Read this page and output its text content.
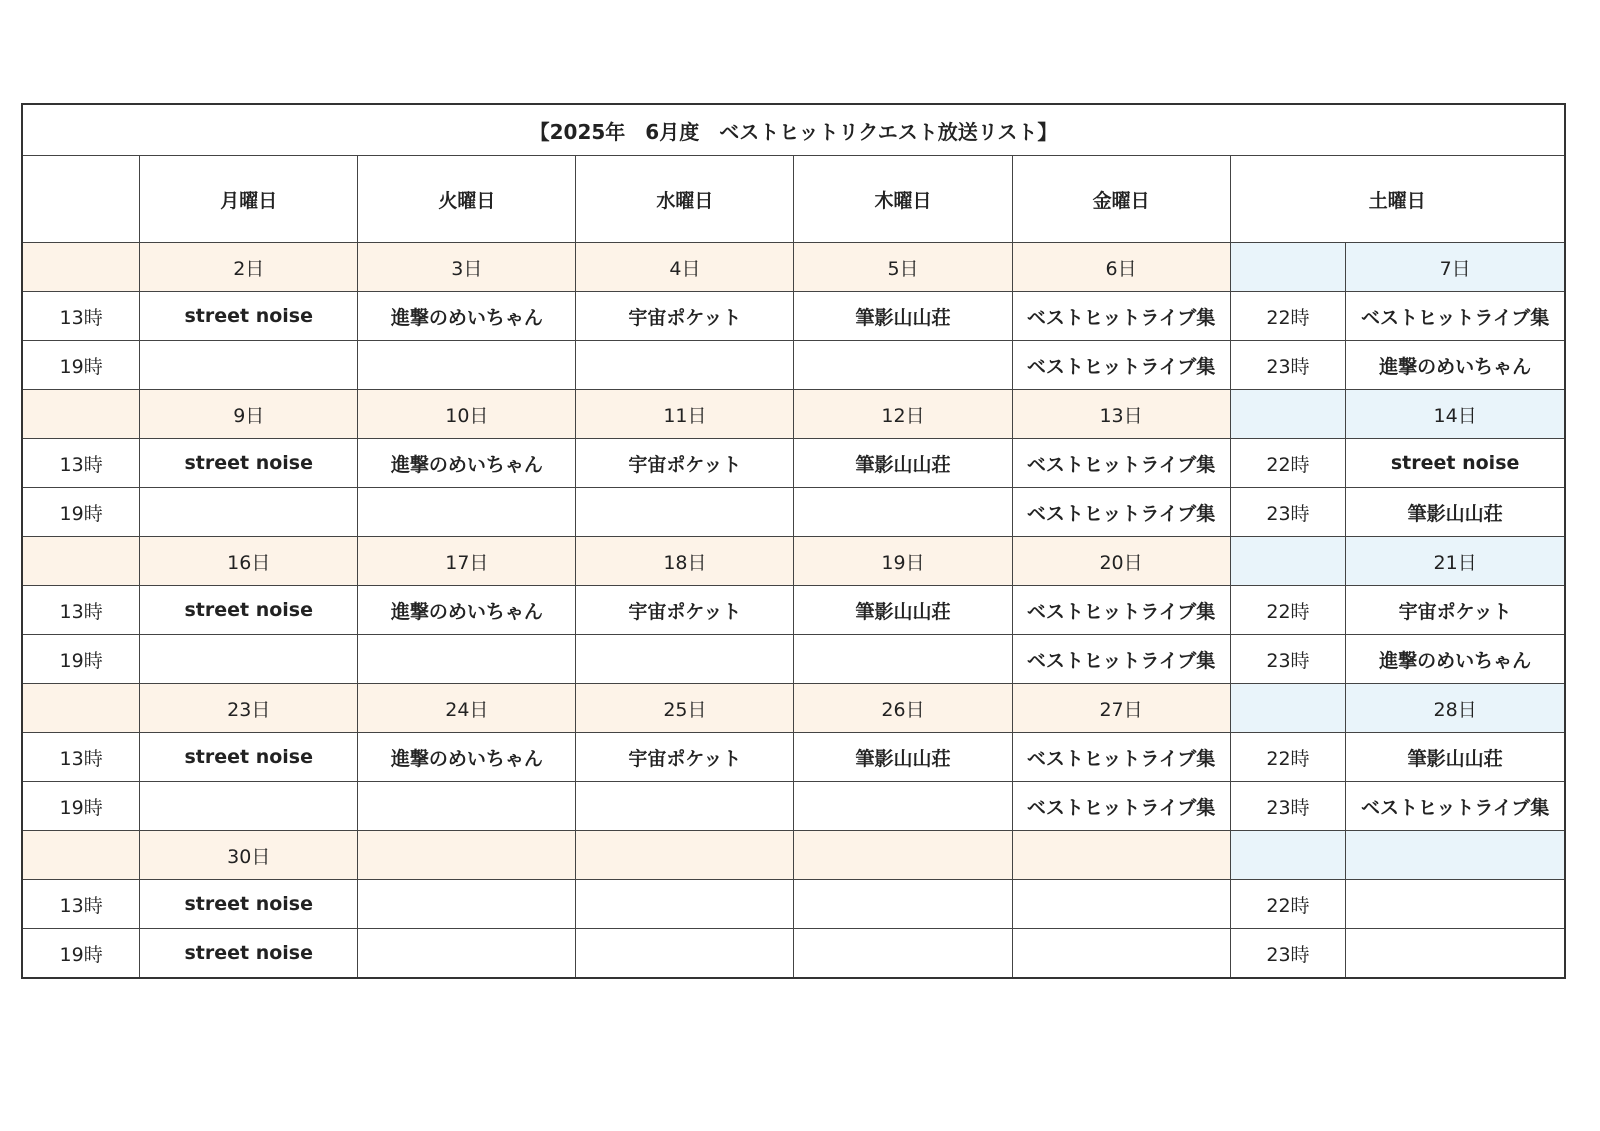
【2025年　6月度　ベストヒットリクエスト放送リスト】							
	月曜日	火曜日	水曜日	木曜日	金曜日	土曜日	
	2日	3日	4日	5日	6日		7日
13時	street noise	進撃のめいちゃん	宇宙ポケット	筆影山山荘	ベストヒットライブ集	22時	ベストヒットライブ集
19時					ベストヒットライブ集	23時	進撃のめいちゃん
	9日	10日	11日	12日	13日		14日
13時	street noise	進撃のめいちゃん	宇宙ポケット	筆影山山荘	ベストヒットライブ集	22時	street noise
19時					ベストヒットライブ集	23時	筆影山山荘
	16日	17日	18日	19日	20日		21日
13時	street noise	進撃のめいちゃん	宇宙ポケット	筆影山山荘	ベストヒットライブ集	22時	宇宙ポケット
19時					ベストヒットライブ集	23時	進撃のめいちゃん
	23日	24日	25日	26日	27日		28日
13時	street noise	進撃のめいちゃん	宇宙ポケット	筆影山山荘	ベストヒットライブ集	22時	筆影山山荘
19時					ベストヒットライブ集	23時	ベストヒットライブ集
	30日						
13時	street noise					22時	
19時	street noise					23時	
